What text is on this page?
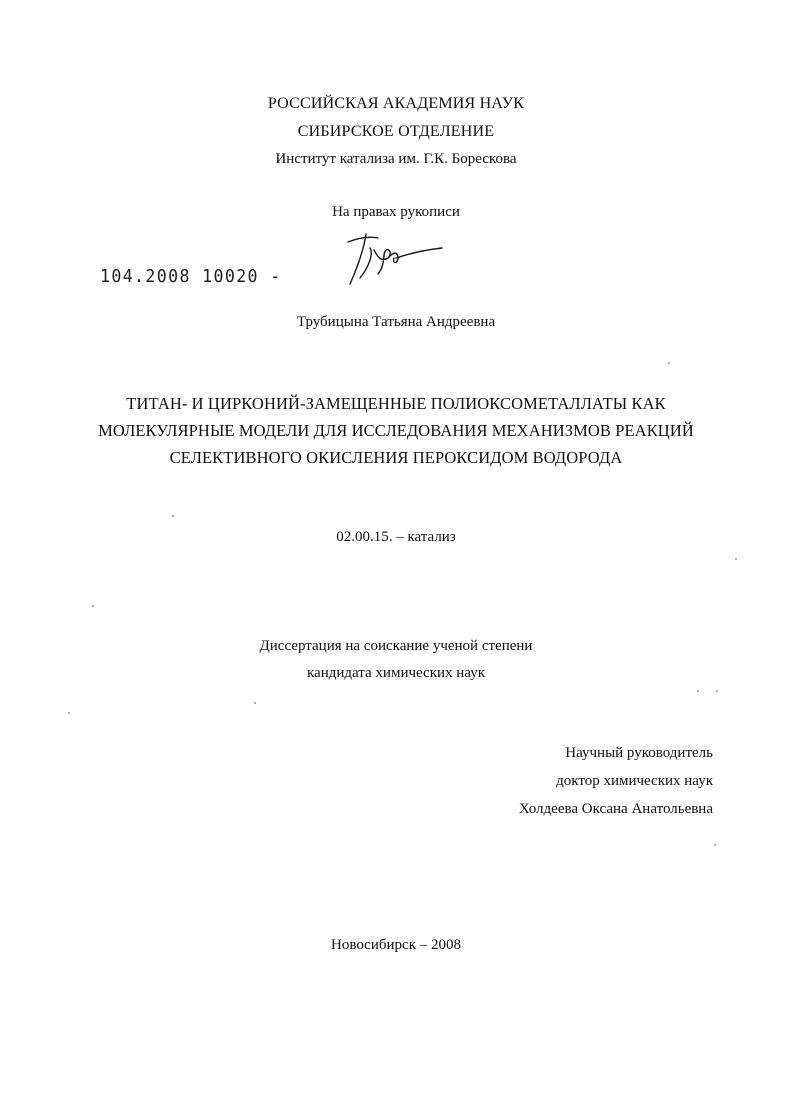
РОССИЙСКАЯ АКАДЕМИЯ НАУК
СИБИРСКОЕ ОТДЕЛЕНИЕ
Институт катализа им. Г.К. Борескова
На правах рукописи
104.2008 10020 -
Трубицына Татьяна Андреевна
ТИТАН- И ЦИРКОНИЙ-ЗАМЕЩЕННЫЕ ПОЛИОКСОМЕТАЛЛАТЫ КАК
МОЛЕКУЛЯРНЫЕ МОДЕЛИ ДЛЯ ИССЛЕДОВАНИЯ МЕХАНИЗМОВ РЕАКЦИЙ
СЕЛЕКТИВНОГО ОКИСЛЕНИЯ ПЕРОКСИДОМ ВОДОРОДА
02.00.15. – катализ
Диссертация на соискание ученой степени
кандидата химических наук
Научный руководитель
доктор химических наук
Холдеева Оксана Анатольевна
Новосибирск – 2008
